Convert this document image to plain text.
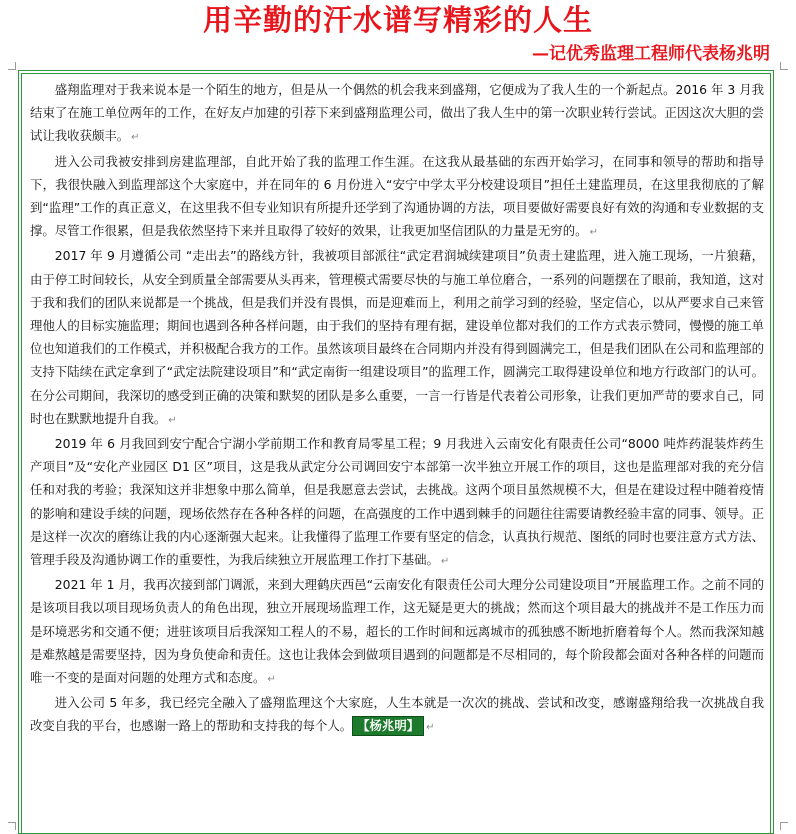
用辛勤的汗水谱写精彩的人生
—记优秀监理工程师代表杨兆明

盛翔监理对于我来说本是一个陌生的地方，但是从一个偶然的机会我来到盛翔，它便成为了我人生的一个新起点。2016 年 3 月我结束了在施工单位两年的工作，在好友卢加建的引荐下来到盛翔监理公司，做出了我人生中的第一次职业转行尝试。正因这次大胆的尝试让我收获颇丰。 ↵

进入公司我被安排到房建监理部，自此开始了我的监理工作生涯。在这我从最基础的东西开始学习，在同事和领导的帮助和指导下，我很快融入到监理部这个大家庭中，并在同年的 6 月份进入“安宁中学太平分校建设项目”担任土建监理员，在这里我彻底的了解到“监理”工作的真正意义，在这里我不但专业知识有所提升还学到了沟通协调的方法，项目要做好需要良好有效的沟通和专业数据的支撑。尽管工作很累，但是我依然坚持下来并且取得了较好的效果，让我更加坚信团队的力量是无穷的。 ↵

2017 年 9 月遵循公司 “走出去”的路线方针，我被项目部派往“武定君润城续建项目”负责土建监理，进入施工现场，一片狼藉，由于停工时间较长，从安全到质量全部需要从头再来，管理模式需要尽快的与施工单位磨合，一系列的问题摆在了眼前，我知道，这对于我和我们的团队来说都是一个挑战，但是我们并没有畏惧，而是迎难而上，利用之前学习到的经验，坚定信心，以从严要求自己来管理他人的目标实施监理；期间也遇到各种各样问题，由于我们的坚持有理有据，建设单位都对我们的工作方式表示赞同，慢慢的施工单位也知道我们的工作模式，并积极配合我方的工作。虽然该项目最终在合同期内并没有得到圆满完工，但是我们团队在公司和监理部的支持下陆续在武定拿到了“武定法院建设项目”和“武定南街一组建设项目”的监理工作，圆满完工取得建设单位和地方行政部门的认可。在分公司期间，我深切的感受到正确的决策和默契的团队是多么重要，一言一行皆是代表着公司形象，让我们更加严苛的要求自己，同时也在默默地提升自我。 ↵

2019 年 6 月我回到安宁配合宁湖小学前期工作和教育局零星工程；9 月我进入云南安化有限责任公司“8000 吨炸药混装炸药生产项目”及“安化产业园区 D1 区”项目，这是我从武定分公司调回安宁本部第一次半独立开展工作的项目，这也是监理部对我的充分信任和对我的考验；我深知这并非想象中那么简单，但是我愿意去尝试，去挑战。这两个项目虽然规模不大，但是在建设过程中随着疫情的影响和建设手续的问题，现场依然存在各种各样的问题，在高强度的工作中遇到棘手的问题往往需要请教经验丰富的同事、领导。正是这样一次次的磨练让我的内心逐渐强大起来。让我懂得了监理工作要有坚定的信念，认真执行规范、图纸的同时也要注意方式方法、管理手段及沟通协调工作的重要性，为我后续独立开展监理工作打下基础。 ↵

2021 年 1 月，我再次接到部门调派，来到大理鹤庆西邑“云南安化有限责任公司大理分公司建设项目”开展监理工作。之前不同的是该项目我以项目现场负责人的角色出现，独立开展现场监理工作，这无疑是更大的挑战；然而这个项目最大的挑战并不是工作压力而是环境恶劣和交通不便；进驻该项目后我深知工程人的不易，超长的工作时间和远离城市的孤独感不断地折磨着每个人。然而我深知越是难熬越是需要坚持，因为身负使命和责任。这也让我体会到做项目遇到的问题都是不尽相同的，每个阶段都会面对各种各样的问题而唯一不变的是面对问题的处理方式和态度。 ↵

进入公司 5 年多，我已经完全融入了盛翔监理这个大家庭，人生本就是一次次的挑战、尝试和改变，感谢盛翔给我一次挑战自我改变自我的平台，也感谢一路上的帮助和支持我的每个人。 【杨兆明】 ↵
